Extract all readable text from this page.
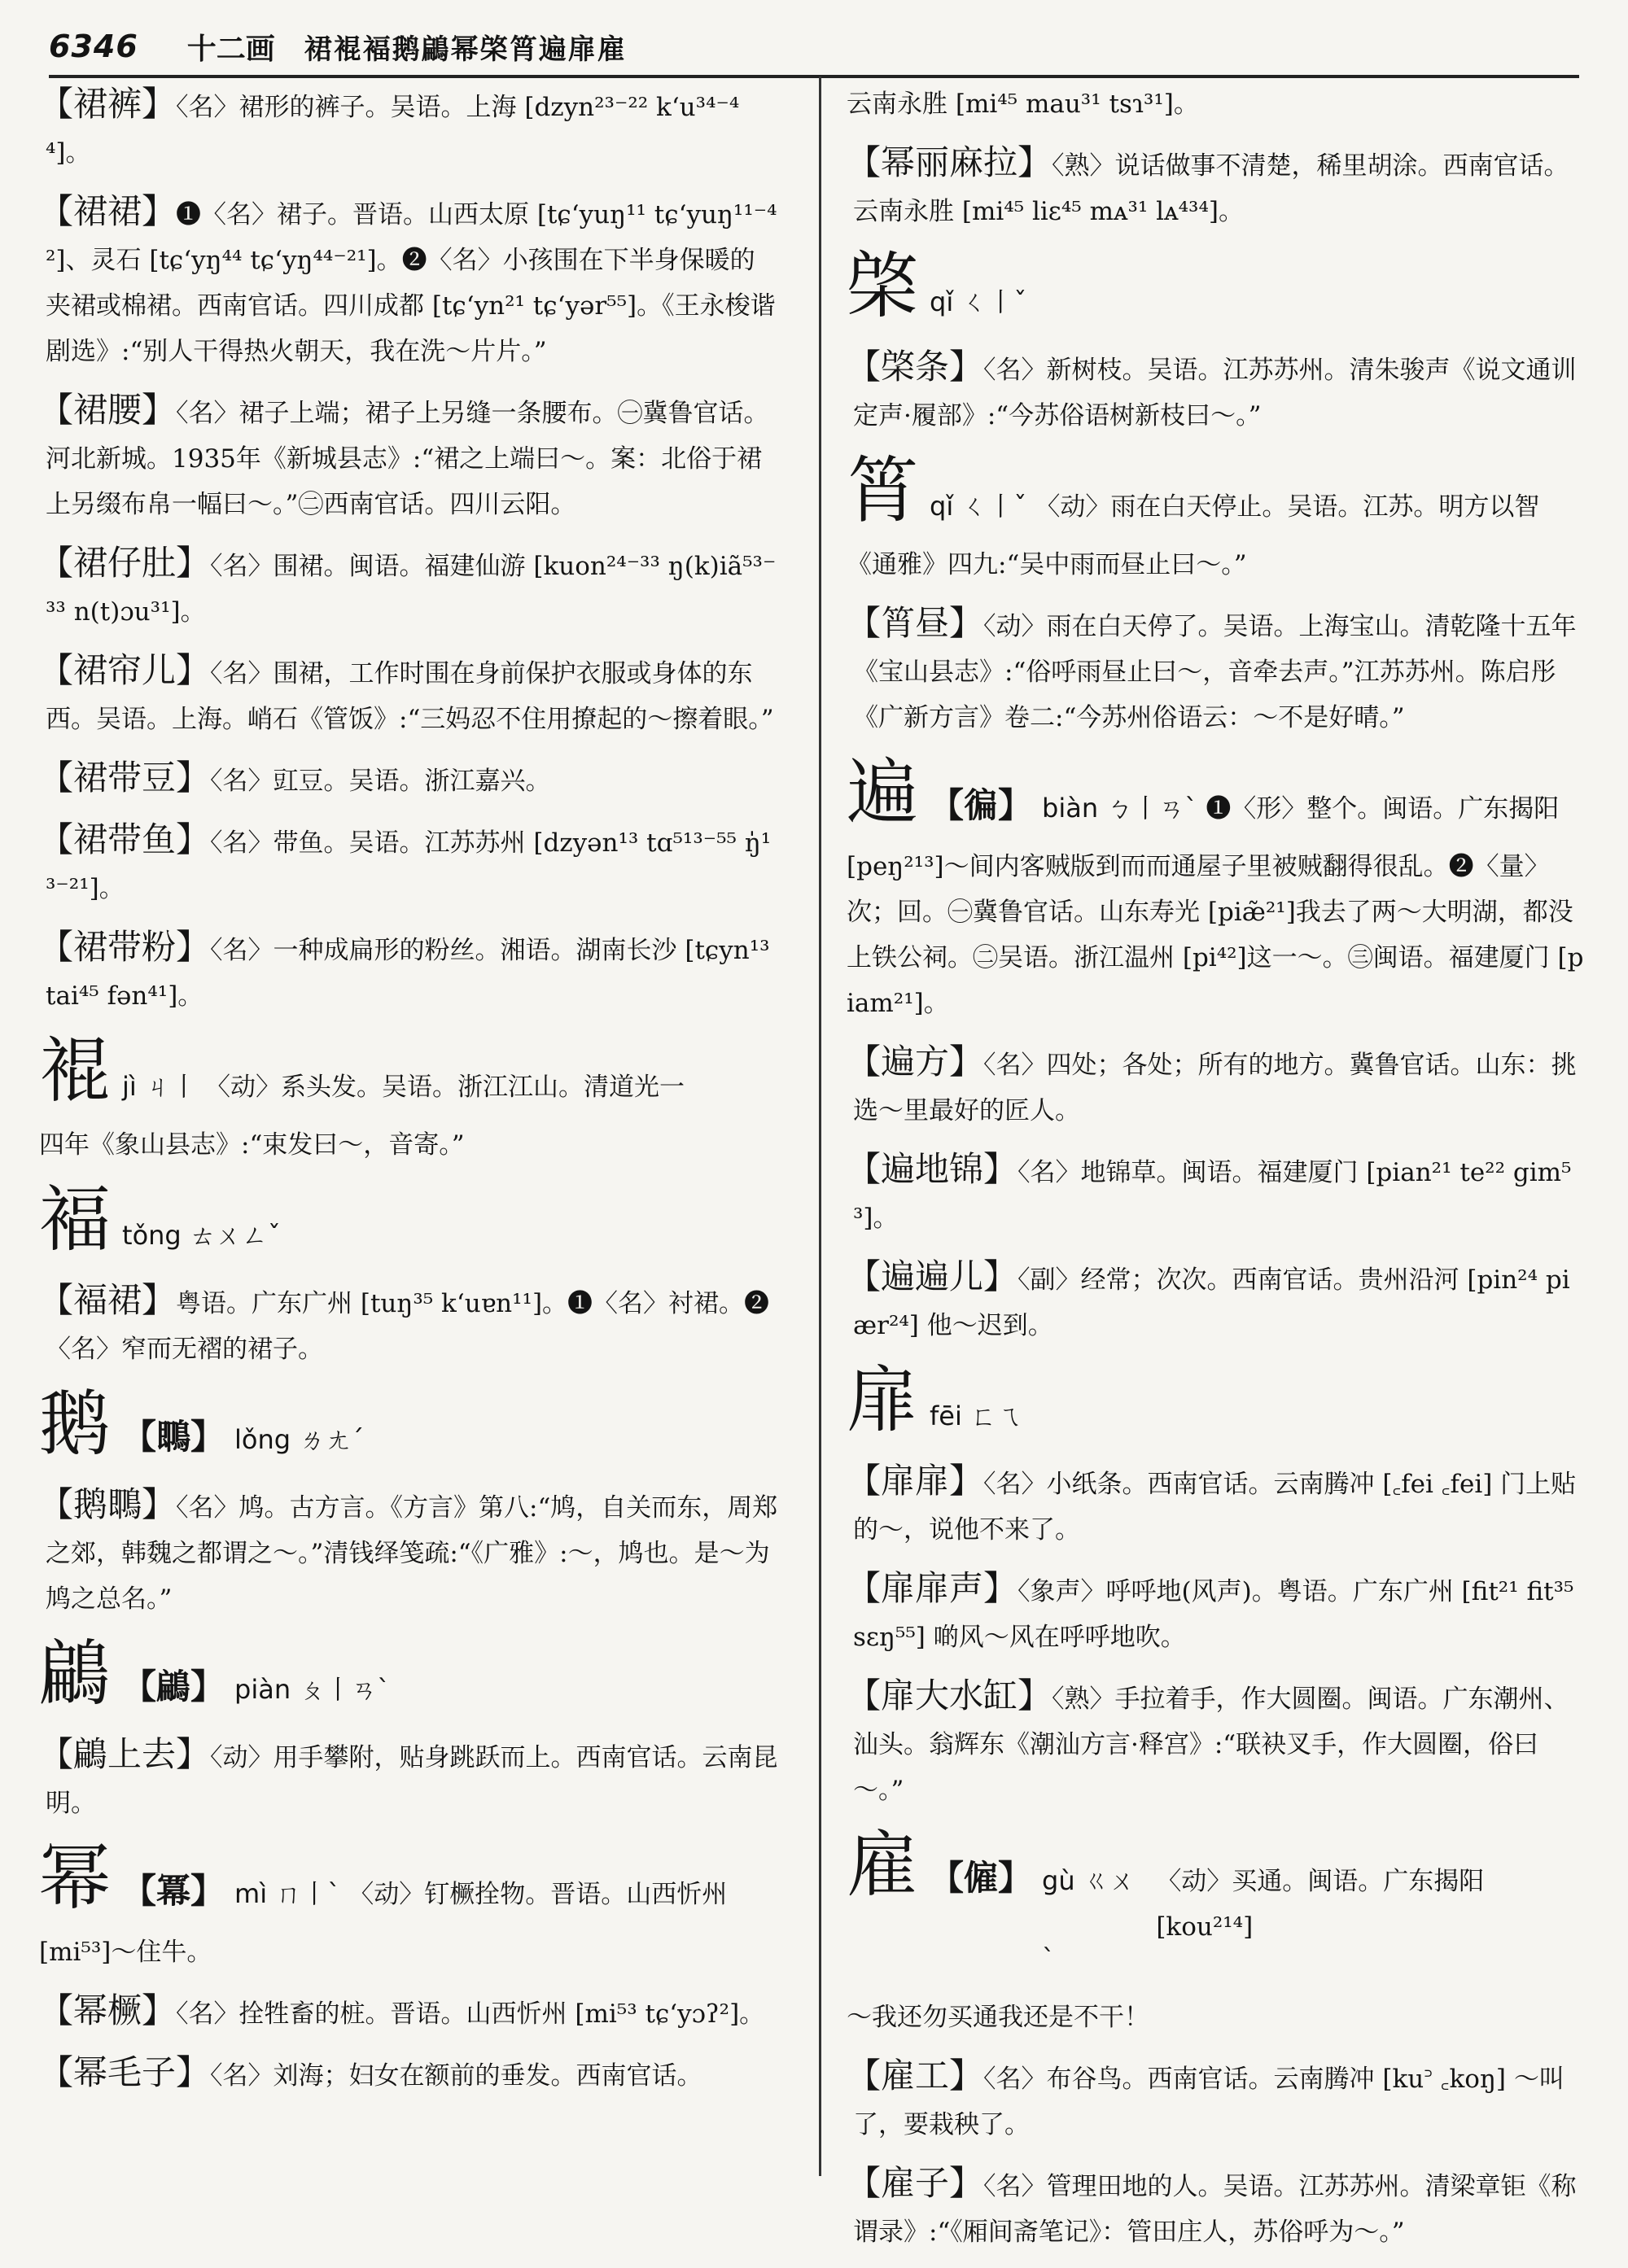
6346 十二画 裙裩褔鹅鶣幂棨筲遍扉雇
【裙裤】〈名〉裙形的裤子。吴语。上海 [dzyn²³⁻²² kʻu³⁴⁻⁴⁴]。
【裙裙】❶〈名〉裙子。晋语。山西太原 [tɕʻyuŋ¹¹ tɕʻyuŋ¹¹⁻⁴²]、灵石 [tɕʻyŋ⁴⁴ tɕʻyŋ⁴⁴⁻²¹]。❷〈名〉小孩围在下半身保暖的夹裙或棉裙。西南官话。四川成都 [tɕʻyn²¹ tɕʻyər⁵⁵]。《王永梭谐剧选》:“别人干得热火朝天，我在洗～片片。”
【裙腰】〈名〉裙子上端；裙子上另缝一条腰布。㊀冀鲁官话。河北新城。1935年《新城县志》:“裙之上端曰～。案：北俗于裙上另缀布帛一幅曰～。”㊁西南官话。四川云阳。
【裙仔肚】〈名〉围裙。闽语。福建仙游 [kuon²⁴⁻³³ ŋ(k)iã⁵³⁻³³ n(t)ɔu³¹]。
【裙帘儿】〈名〉围裙，工作时围在身前保护衣服或身体的东西。吴语。上海。峭石《管饭》:“三妈忍不住用撩起的～擦着眼。”
【裙带豆】〈名〉豇豆。吴语。浙江嘉兴。
【裙带鱼】〈名〉带鱼。吴语。江苏苏州 [dzyən¹³ tɑ⁵¹³⁻⁵⁵ ŋ̍¹³⁻²¹]。
【裙带粉】〈名〉一种成扁形的粉丝。湘语。湖南长沙 [tɕyn¹³ tai⁴⁵ fən⁴¹]。
裩 jì ㄐ丨 〈动〉系头发。吴语。浙江江山。清道光一
四年《象山县志》:“束发曰～，音寄。”
褔 tǒng ㄊㄨㄥˇ
【褔裙】粤语。广东广州 [tuŋ³⁵ kʻuɐn¹¹]。❶〈名〉衬裙。❷〈名〉窄而无褶的裙子。
鹅 【䳭】 lǒng ㄌㄤˊ
【鹅䳭】〈名〉鸠。古方言。《方言》第八:“鸠，自关而东，周郑之郊，韩魏之都谓之～。”清钱绎笺疏:“《广雅》:～，鸠也。是～为鸠之总名。”
鶣 【鶣】 piàn ㄆ丨ㄢˋ
【鶣上去】〈动〉用手攀附，贴身跳跃而上。西南官话。云南昆明。
幂 【冪】 mì ㄇ丨ˋ 〈动〉钉橛拴物。晋语。山西忻州
[mi⁵³]～住牛。
【幂橛】〈名〉拴牲畜的桩。晋语。山西忻州 [mi⁵³ tɕʻyɔʔ²]。
【幂毛子】〈名〉刘海；妇女在额前的垂发。西南官话。
云南永胜 [mi⁴⁵ mau³¹ tsɿ³¹]。
【幂丽麻拉】〈熟〉说话做事不清楚，稀里胡涂。西南官话。云南永胜 [mi⁴⁵ liɛ⁴⁵ mᴀ³¹ lᴀ⁴³⁴]。
棨 qǐ ㄑ丨ˇ
【棨条】〈名〉新树枝。吴语。江苏苏州。清朱骏声《说文通训定声·履部》:“今苏俗语树新枝曰～。”
筲 qǐ ㄑ丨ˇ 〈动〉雨在白天停止。吴语。江苏。明方以智
《通雅》四九:“吴中雨而昼止曰～。”
【筲昼】〈动〉雨在白天停了。吴语。上海宝山。清乾隆十五年《宝山县志》:“俗呼雨昼止曰～，音牵去声。”江苏苏州。陈启彤《广新方言》卷二:“今苏州俗语云：～不是好晴。”
遍 【徧】 biàn ㄅ丨ㄢˋ ❶〈形〉整个。闽语。广东揭阳
[peŋ²¹³]～间内客贼版到而而通屋子里被贼翻得很乱。❷〈量〉次；回。㊀冀鲁官话。山东寿光 [piæ̃²¹]我去了两～大明湖，都没上铁公祠。㊁吴语。浙江温州 [pi⁴²]这一～。㊂闽语。福建厦门 [piam²¹]。
【遍方】〈名〉四处；各处；所有的地方。冀鲁官话。山东：挑选～里最好的匠人。
【遍地锦】〈名〉地锦草。闽语。福建厦门 [pian²¹ te²² gim⁵³]。
【遍遍儿】〈副〉经常；次次。西南官话。贵州沿河 [pin²⁴ piær²⁴] 他～迟到。
扉 fēi ㄈㄟ
【扉扉】〈名〉小纸条。西南官话。云南腾冲 [꜀fei ꜀fei] 门上贴的～，说他不来了。
【扉扉声】〈象声〉呼呼地(风声)。粤语。广东广州 [fit²¹ fit³⁵ sɛŋ⁵⁵] 啲风～风在呼呼地吹。
【扉大水缸】〈熟〉手拉着手，作大圆圈。闽语。广东潮州、汕头。翁辉东《潮汕方言·释宫》:“联袂叉手，作大圆圈，俗曰～。”
雇 【僱】 gù ㄍㄨˋ
〈动〉买通。闽语。广东揭阳 [kou²¹⁴]
～我还勿买通我还是不干！
【雇工】〈名〉布谷鸟。西南官话。云南腾冲 [ku꜄ ꜀koŋ] ～叫了，要栽秧了。
【雇子】〈名〉管理田地的人。吴语。江苏苏州。清梁章钜《称谓录》:“《厢间斋笔记》：管田庄人，苏俗呼为～。”
